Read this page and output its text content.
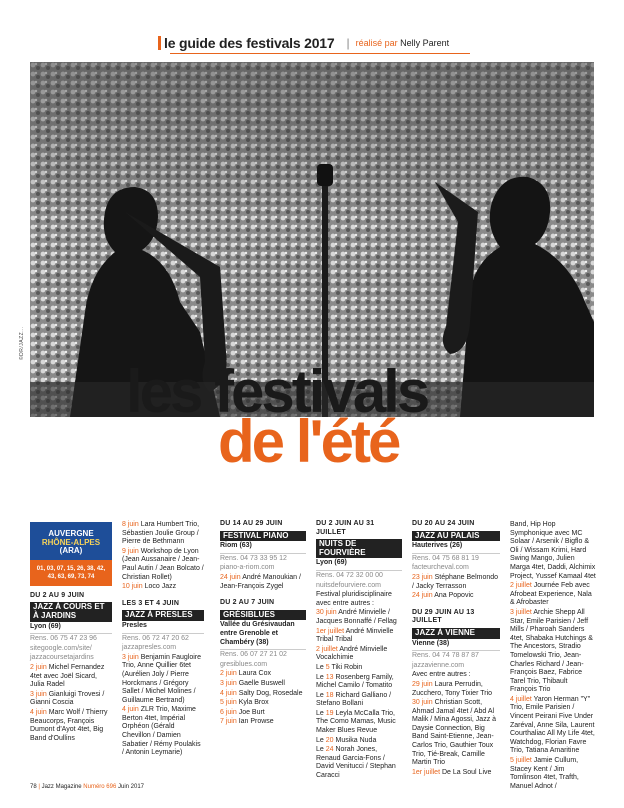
le guide des festivals 2017 | réalisé par Nelly Parent
©DR/JAZZ...
les festivals
de l'été
AUVERGNE
RHÔNE-ALPES
(ARA)
01, 03, 07, 15, 26, 38, 42, 43, 63, 69, 73, 74
DU 2 AU 9 JUIN
JAZZ À COURS ET À JARDINS
Lyon (69)
Rens. 06 75 47 23 96
sitegoogle.com/site/
jazzacoursetajardins
2 juin Michel Fernandez 4tet avec Joël Sicard, Julia Radel
3 juin Gianluigi Trovesi / Gianni Coscia
4 juin Marc Wolf / Thierry Beaucorps, François Dumont d'Ayot 4tet, Big Band d'Oullins
8 juin Lara Humbert Trio, Sébastien Joulie Group / Pierre de Bethmann
9 juin Workshop de Lyon (Jean Aussanaire / Jean-Paul Autin / Jean Bolcato / Christian Rollet)
10 juin Loco Jazz
LES 3 ET 4 JUIN
JAZZ À PRESLES
Presles
Rens. 06 72 47 20 62
jazzapresles.com
3 juin Benjamin Faugloire Trio, Anne Quillier 6tet (Aurélien Joly / Pierre Horckmans / Grégory Sallet / Michel Molines / Guillaume Bertrand)
4 juin ZLR Trio, Maxime Berton 4tet, Impérial Orphéon (Gérald Chevillon / Damien Sabatier / Rémy Poulakis / Antonin Leymarie)
DU 14 AU 29 JUIN
FESTIVAL PIANO
Riom (63)
Rens. 04 73 33 95 12
piano-a-riom.com
24 juin André Manoukian / Jean-François Zygel
DU 2 AU 7 JUIN
GRÉSIBLUES
Vallée du Grésivaudan entre Grenoble et Chambéry (38)
Rens. 06 07 27 21 02
gresiblues.com
2 juin Laura Cox
3 juin Gaelle Buswell
4 juin Salty Dog, Rosedale
5 juin Kyla Brox
6 juin Joe Burt
7 juin Ian Prowse
DU 2 JUIN AU 31 JUILLET
NUITS DE FOURVIÈRE
Lyon (69)
Rens. 04 72 32 00 00
nuitsdefourviere.com
Festival pluridisciplinaire avec entre autres :
30 juin André Minvielle / Jacques Bonnaffé / Fellag
1er juillet André Minvielle Tribal Tribal
2 juillet André Minvielle Vocalchimie
Le 5 Tiki Robin
Le 13 Rosenberg Family, Michel Camilo / Tomatito
Le 18 Richard Galliano / Stefano Bollani
Le 19 Leyla McCalla Trio, The Como Mamas, Music Maker Blues Revue
Le 20 Musika Nuda
Le 24 Norah Jones, Renaud Garcia-Fons / David Venitucci / Stephan Caracci
DU 20 AU 24 JUIN
JAZZ AU PALAIS
Hauterives (26)
Rens. 04 75 68 81 19
facteurcheval.com
23 juin Stéphane Belmondo / Jacky Terrasson
24 juin Ana Popovic
DU 29 JUIN AU 13 JUILLET
JAZZ À VIENNE
Vienne (38)
Rens. 04 74 78 87 87
jazzavienne.com
Avec entre autres :
29 juin Laura Perrudin, Zucchero, Tony Tixier Trio
30 juin Christian Scott, Ahmad Jamal 4tet / Abd Al Malik / Mina Agossi, Jazz à Daysie Connection, Big Band Saint-Etienne, Jean-Carlos Trio, Gauthier Toux Trio, Tié-Break, Camille Martin Trio
1er juillet De La Soul Live
Band, Hip Hop Symphonique avec MC Solaar / Arsenik / Bigflo & Oli / Wissam Krimi, Hard Swing Mango, Julien Marga 4tet, Daddi, Alchimix Project, Yussef Kamaal 4tet
2 juillet Journée Feb avec Afrobeat Experience, Nala & Afrobaster
3 juillet Archie Shepp All Star, Emile Parisien / Jeff Mills / Pharoah Sanders 4tet, Shabaka Hutchings & The Ancestors, Stradio Tomelowski Trio, Jean-Charles Richard / Jean-François Baez, Fabrice Tarel Trio, Thibault François Trio
4 juillet Yaron Herman "Y" Trio, Emile Parisien / Vincent Peirani Five Under Zaréval, Anne Sila, Laurent Courthaliac All My Life 4tet, Watchdog, Florian Favre Trio, Tatiana Amaritine
5 juillet Jamie Cullum, Stacey Kent / Jim Tomlinson 4tet, Trafth, Manuel Adnot /
78 | Jazz Magazine Numéro 696 Juin 2017
